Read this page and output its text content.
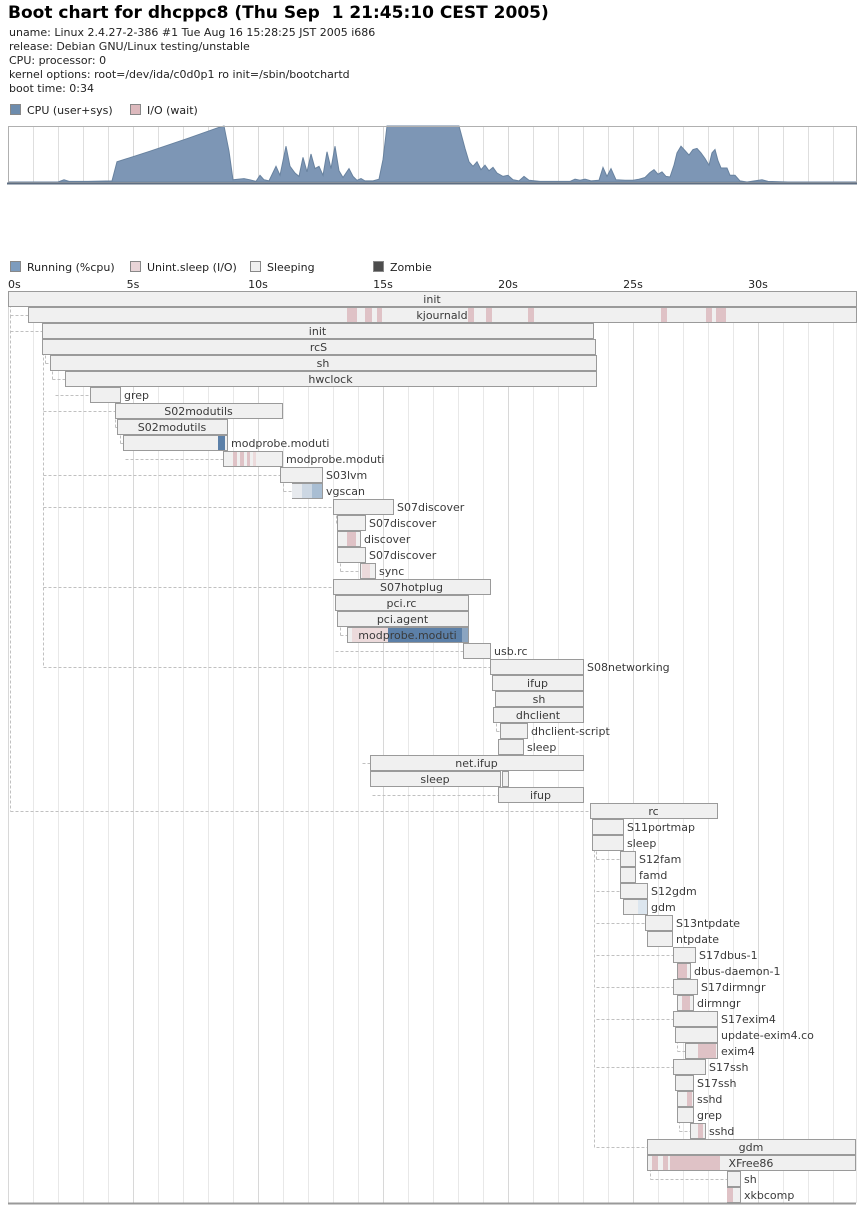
Boot chart for dhcppc8 (Thu Sep  1 21:45:10 CEST 2005)
uname: Linux 2.4.27-2-386 #1 Tue Aug 16 15:28:25 JST 2005 i686
release: Debian GNU/Linux testing/unstable
CPU: processor: 0
kernel options: root=/dev/ida/c0d0p1 ro init=/sbin/bootchartd
boot time: 0:34
CPU (user+sys)	I/O (wait)
Running (%cpu)	Unint.sleep (I/O)	Sleeping	Zombie
0s	5s	10s	15s	20s	25s	30s
init
kjournald
init
rcS
sh
hwclock
grep
S02modutils
S02modutils
modprobe.moduti
modprobe.moduti
S03lvm
vgscan
S07discover
S07discover
discover
S07discover
sync
S07hotplug
pci.rc
pci.agent
modprobe.moduti
usb.rc
S08networking
ifup
sh
dhclient
dhclient-script
sleep
net.ifup
sleep
ifup
rc
S11portmap
sleep
S12fam
famd
S12gdm
gdm
S13ntpdate
ntpdate
S17dbus-1
dbus-daemon-1
S17dirmngr
dirmngr
S17exim4
update-exim4.co
exim4
S17ssh
S17ssh
sshd
grep
sshd
gdm
XFree86
sh
xkbcomp
